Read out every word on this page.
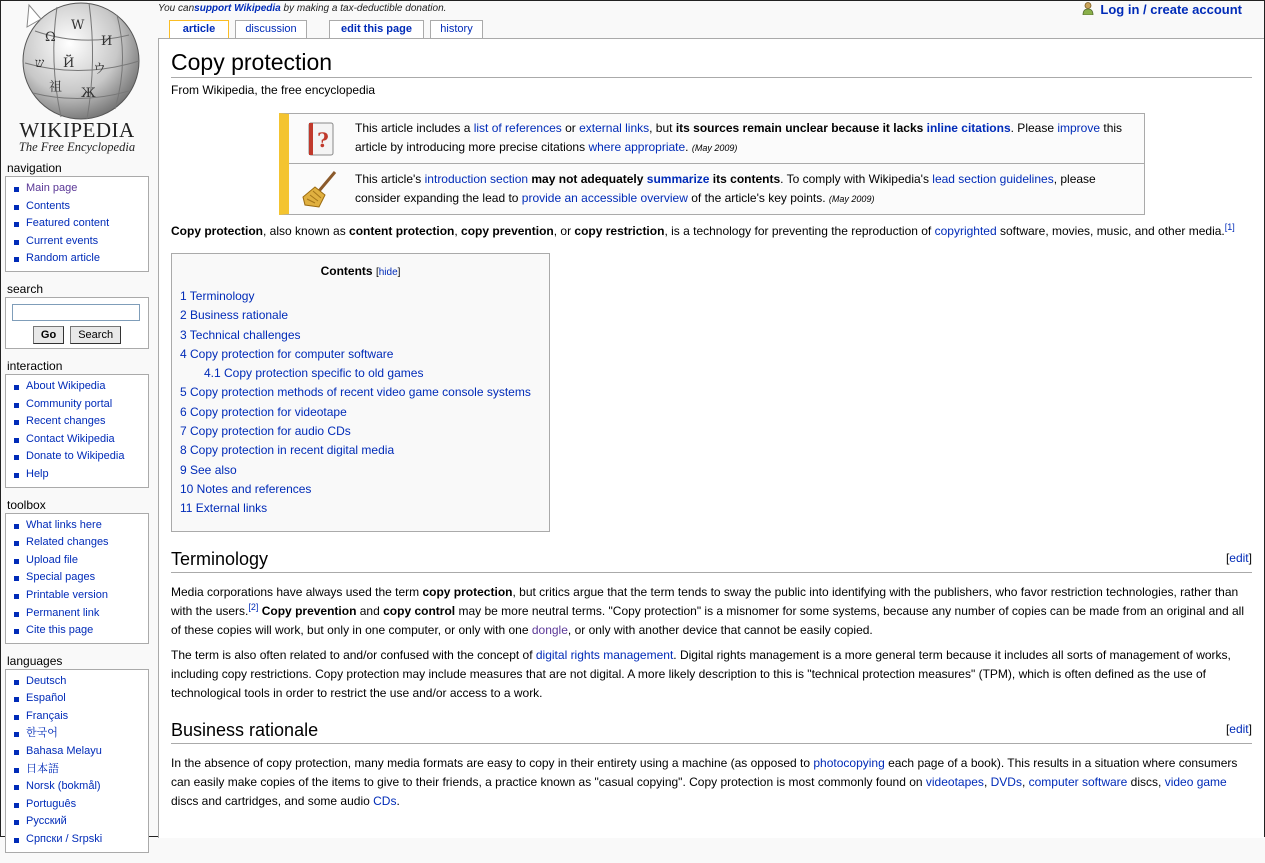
Ω
W
И
Й ウ
祖 Ж
ש
WIKIPEDIA
The Free Encyclopedia
You cansupport Wikipedia by making a tax-deductible donation.	Log in / create account
article	discussion	edit this page	history
navigation
Main page
Contents
Featured content
Current events
Random article
search
Go Search
interaction
About Wikipedia
Community portal
Recent changes
Contact Wikipedia
Donate to Wikipedia
Help
toolbox
What links here
Related changes
Upload file
Special pages
Printable version
Permanent link
Cite this page
languages
Deutsch
Español
Français
한국어
Bahasa Melayu
日本語
Norsk (bokmål)
Português
Русский
Српски / Srpski
Copy protection
From Wikipedia, the free encyclopedia
?	This article includes a list of references or external links, but its sources remain unclear because it lacks inline citations. Please improve this article by introducing more precise citations where appropriate. (May 2009)
This article's introduction section may not adequately summarize its contents. To comply with Wikipedia's lead section guidelines, please consider expanding the lead to provide an accessible overview of the article's key points. (May 2009)

Copy protection, also known as content protection, copy prevention, or copy restriction, is a technology for preventing the reproduction of copyrighted software, movies, music, and other media.[1]

Contents [hide]
1 Terminology
2 Business rationale
3 Technical challenges
4 Copy protection for computer software
4.1 Copy protection specific to old games
5 Copy protection methods of recent video game console systems
6 Copy protection for videotape
7 Copy protection for audio CDs
8 Copy protection in recent digital media
9 See also
10 Notes and references
11 External links
Terminology	[edit]

Media corporations have always used the term copy protection, but critics argue that the term tends to sway the public into identifying with the publishers, who favor restriction technologies, rather than with the users.[2] Copy prevention and copy control may be more neutral terms. "Copy protection" is a misnomer for some systems, because any number of copies can be made from an original and all of these copies will work, but only in one computer, or only with one dongle, or only with another device that cannot be easily copied.

The term is also often related to and/or confused with the concept of digital rights management. Digital rights management is a more general term because it includes all sorts of management of works, including copy restrictions. Copy protection may include measures that are not digital. A more likely description to this is "technical protection measures" (TPM), which is often defined as the use of technological tools in order to restrict the use and/or access to a work.

Business rationale	[edit]

In the absence of copy protection, many media formats are easy to copy in their entirety using a machine (as opposed to photocopying each page of a book). This results in a situation where consumers can easily make copies of the items to give to their friends, a practice known as "casual copying". Copy protection is most commonly found on videotapes, DVDs, computer software discs, video game discs and cartridges, and some audio CDs.
